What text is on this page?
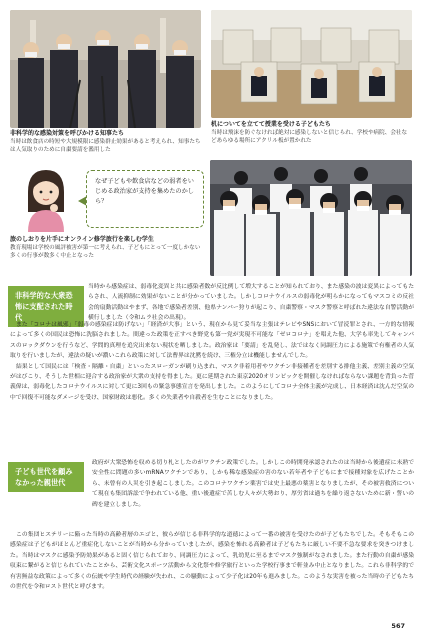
非科学的な感染対策を呼びかける知事たち
当時は飲食店の時短や大規模限に感染群止効果があると考えられ、知事たちは人気取りのために自粛要請を濫用した
机についてを立てて授業を受ける子どもたち
当時は飛沫を防ぐなければ絶対に感染しないと信じられ、学校や病院、会社などあらゆる場所にアクリル板が置かれた
なぜ子どもや飲食店などの弱者をいじめる政治家が支持を集めたのかしら？
旅のしおりを片手にオンライン修学旅行を楽しむ学生
教育現場は学校の風評被害が第一に考えられ、子どもにとって一度しかない多くの行事が数多く中止となった
非科学的な大衆恐怖に支配された時代

当時から感染症は、弱毒化変異と共に感染者数が反比例して増大することが知られており、また感染の波は変異によってもたらされ、人流抑制に効果がないことが分かっていました。しかしコロナウイルスの弱毒化が明らかになってもマスコミの反社会的扇動活動はやまず、各地で感染者差別、他県ナンバー狩りが起こり、自粛警察・マスク警察と呼ばれた違法な自警活動が横行しました（令和ムラ社会の出現）。

また「コロナは風邪」「弱毒の感染症は防げない」「経済が大事」という、現在から見て妥当な主張はテレビやSNSにおいて冒涜罪とされ、一方的な情報によって多くの国民は恐怖に洗脳されました。間違った政策を正すべき野党も第一党が実現不可能な「ゼロコロナ」を唱えた他、大学も率先してキャンパスのロックダウンを行うなど、学問的真理を追究出来ない現状を晒しました。政治家は「要請」を乱発し、法ではなく同調圧力による施策で有権者の人気取りを行いましたが、違法の疑いが濃いこれら政策に対して法曹界は沈黙を続け、三権分立は機能しませんでした。

結果として国民には「検査・隔離・自粛」といったスローガンが刷り込まれ、マスク非着用者やワクチン非接種者を差別する排他主義、差別主義の空気がはびこり、そうした世相に迎合する政治家が大衆の支持を得ました。更に延期された東京2020オリンピックを開催しなければならない課題を背負った菅義偉は、弱毒化したコロナウイルスに対して更に3回もの緊急事態宣言を発出しました。このようにしてコロナ全体主義が完成し、日本経済は沈んだ空気の中で回復不可能なダメージを受け、国家財政は悪化。多くの失業者や自殺者を生むことになりました。

子ども世代を顧みなかった親世代

政府が大衆恐怖を収める切り札としたのがワクチン政策でした。しかしこの時開発承認されたのは当時から後遺症に未熟で安全性に問題の多いmRNAワクチンであり、しかも稀な感染症の害のない若年者や子どもにまで接種対象を広げたことから、未曾有の人災を引き起こしました。このコロナワクチン薬害では史上最悪の薬害となりましたが、その被害救済について現在も集団訴訟で争われている他、重い後遺症で苦しむ人々が大勢おり、厚労省は過ちを繰り返さないために新・誓いの碑を建立しました。

この集団ヒステリーに陥った当時の高齢者層のエゴと、彼らが信じる非科学的な道徳によって一番の被害を受けたのが子どもたちでした。そもそもこの感染症は子どもがほとんど重症化しないことが当時から分かっていましたが、感染を怖れる高齢者は子どもたちに厳しい不要不急な要求を突きつけました。当時はマスクに感染予防効果があると固く信じられており、同調圧力によって、乳幼児に至るまでマスク強制がなされました。また行動の自粛が感染収束に繋がると信じられていたことから、芸術文化スポーツ活動から文化祭や修学旅行といった学校行事まで軒並み中止となりました。これら非科学的で有害無益な政策によって多くの伝統や学生時代の経験が失われ、この騒動によって少子化は20年も進みました。このような実害を被った当時の子どもたちの世代を令和ロスト世代と呼びます。

567
